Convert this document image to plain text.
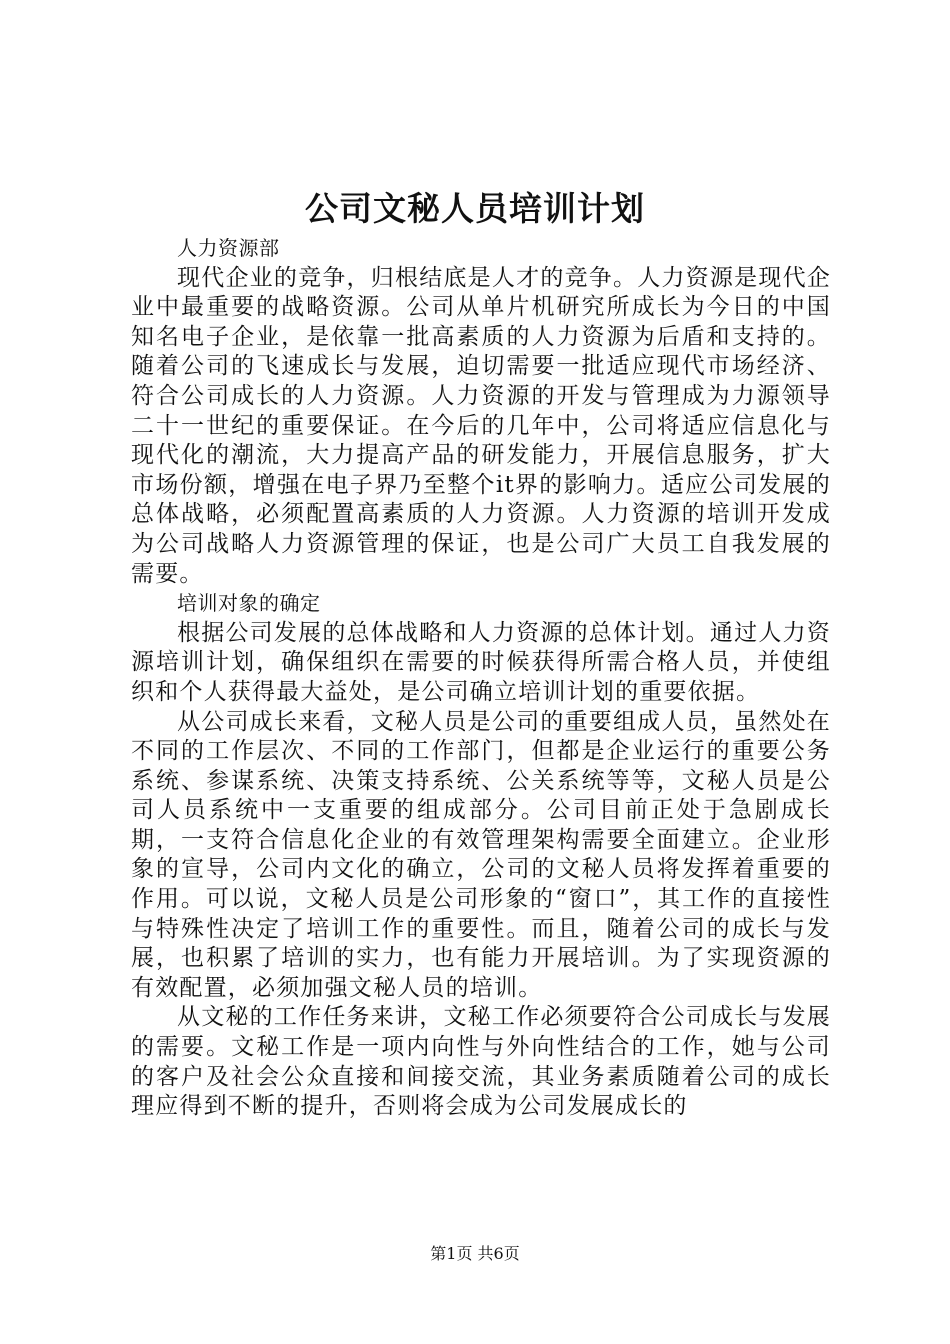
公司文秘人员培训计划

人力资源部

现代企业的竞争，归根结底是人才的竞争。人力资源是现代企业中最重要的战略资源。公司从单片机研究所成长为今日的中国知名电子企业，是依靠一批高素质的人力资源为后盾和支持的。随着公司的飞速成长与发展，迫切需要一批适应现代市场经济、符合公司成长的人力资源。人力资源的开发与管理成为力源领导二十一世纪的重要保证。在今后的几年中，公司将适应信息化与现代化的潮流，大力提高产品的研发能力，开展信息服务，扩大市场份额，增强在电子界乃至整个it界的影响力。适应公司发展的总体战略，必须配置高素质的人力资源。人力资源的培训开发成为公司战略人力资源管理的保证，也是公司广大员工自我发展的需要。

培训对象的确定

根据公司发展的总体战略和人力资源的总体计划。通过人力资源培训计划，确保组织在需要的时候获得所需合格人员，并使组织和个人获得最大益处，是公司确立培训计划的重要依据。

从公司成长来看，文秘人员是公司的重要组成人员，虽然处在不同的工作层次、不同的工作部门，但都是企业运行的重要公务系统、参谋系统、决策支持系统、公关系统等等，文秘人员是公司人员系统中一支重要的组成部分。公司目前正处于急剧成长期，一支符合信息化企业的有效管理架构需要全面建立。企业形象的宣导，公司内文化的确立，公司的文秘人员将发挥着重要的作用。可以说，文秘人员是公司形象的“窗口”，其工作的直接性与特殊性决定了培训工作的重要性。而且，随着公司的成长与发展，也积累了培训的实力，也有能力开展培训。为了实现资源的有效配置，必须加强文秘人员的培训。

从文秘的工作任务来讲，文秘工作必须要符合公司成长与发展的需要。文秘工作是一项内向性与外向性结合的工作，她与公司的客户及社会公众直接和间接交流，其业务素质随着公司的成长理应得到不断的提升，否则将会成为公司发展成长的

第1页 共6页
